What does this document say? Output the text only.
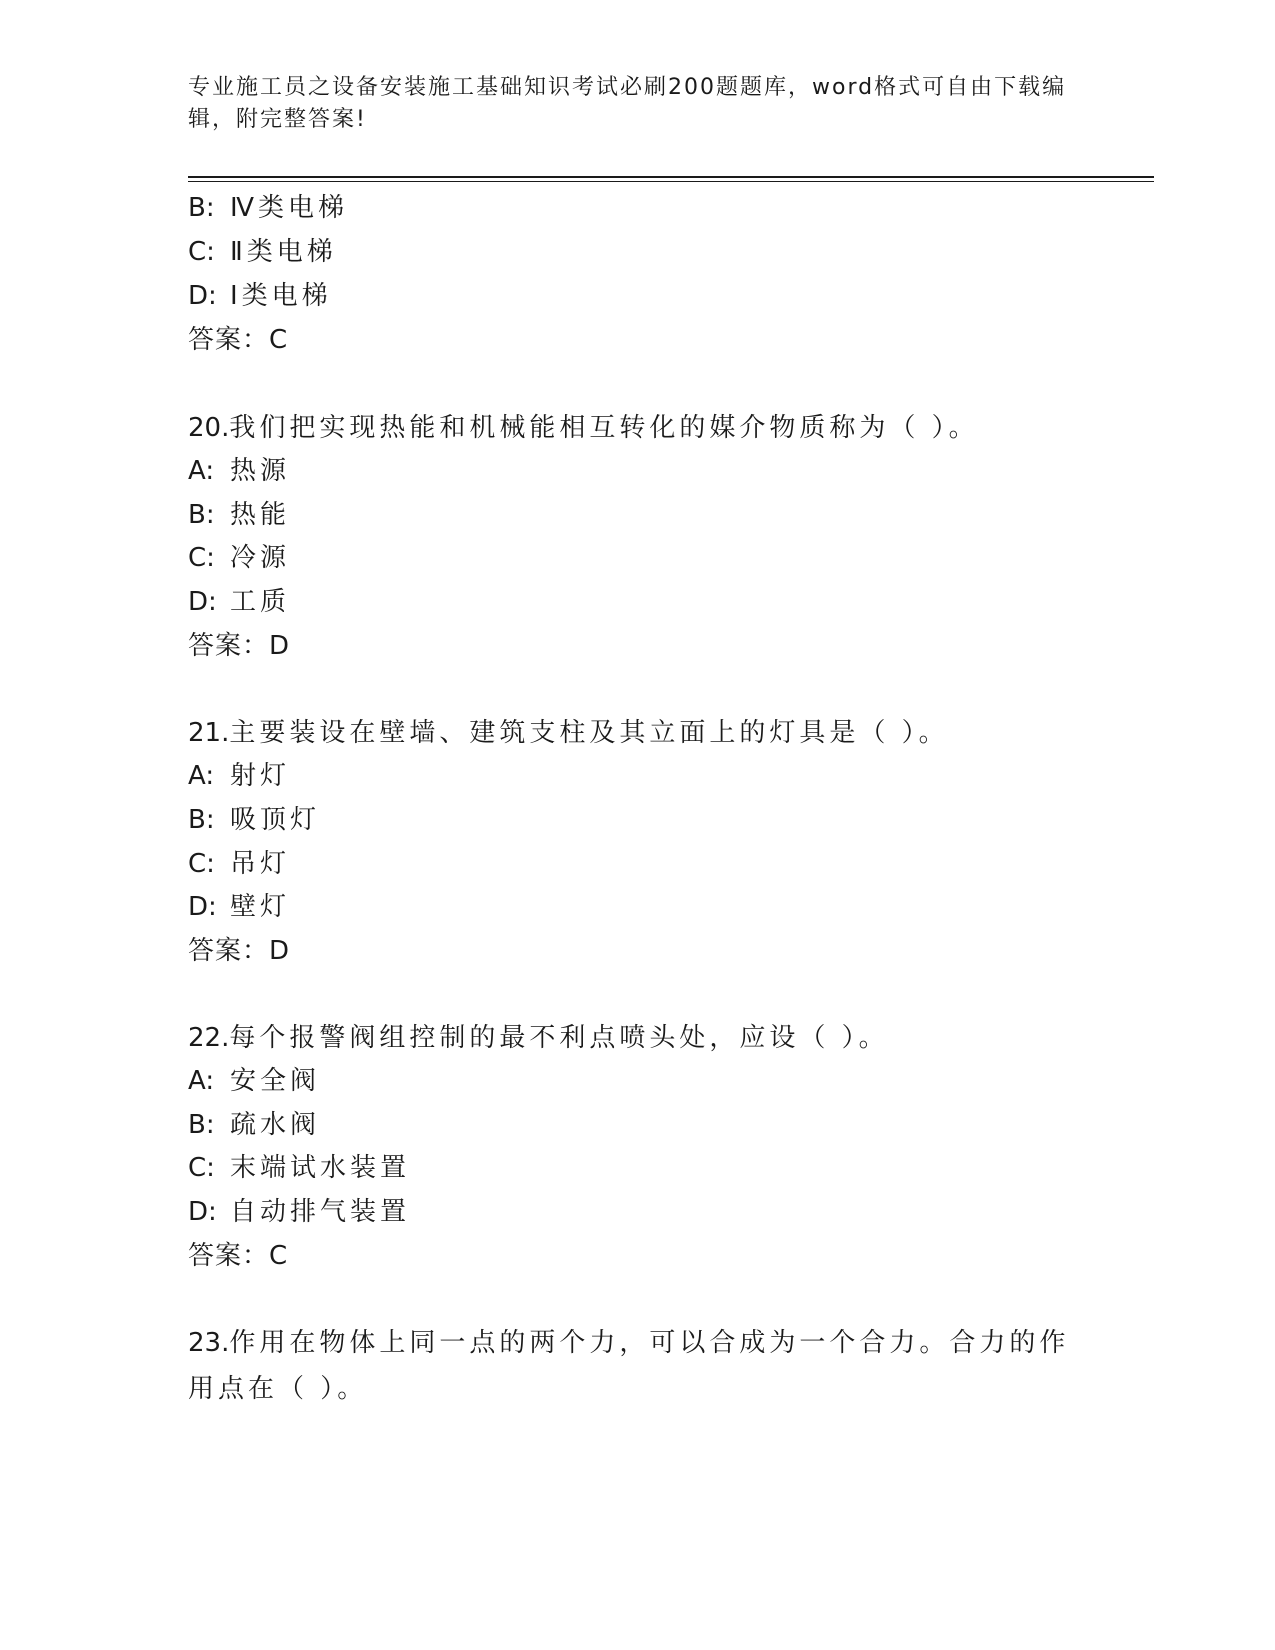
专业施工员之设备安装施工基础知识考试必刷200题题库，word格式可自由下载编辑，附完整答案!
B: Ⅳ类电梯
C: Ⅱ类电梯
D: Ⅰ类电梯
答案：C
20.我们把实现热能和机械能相互转化的媒介物质称为（ ）。
A: 热源
B: 热能
C: 冷源
D: 工质
答案：D
21.主要装设在壁墙、建筑支柱及其立面上的灯具是（ ）。
A: 射灯
B: 吸顶灯
C: 吊灯
D: 壁灯
答案：D
22.每个报警阀组控制的最不利点喷头处，应设（ ）。
A: 安全阀
B: 疏水阀
C: 末端试水装置
D: 自动排气装置
答案：C
23.作用在物体上同一点的两个力，可以合成为一个合力。合力的作用点在（ ）。
